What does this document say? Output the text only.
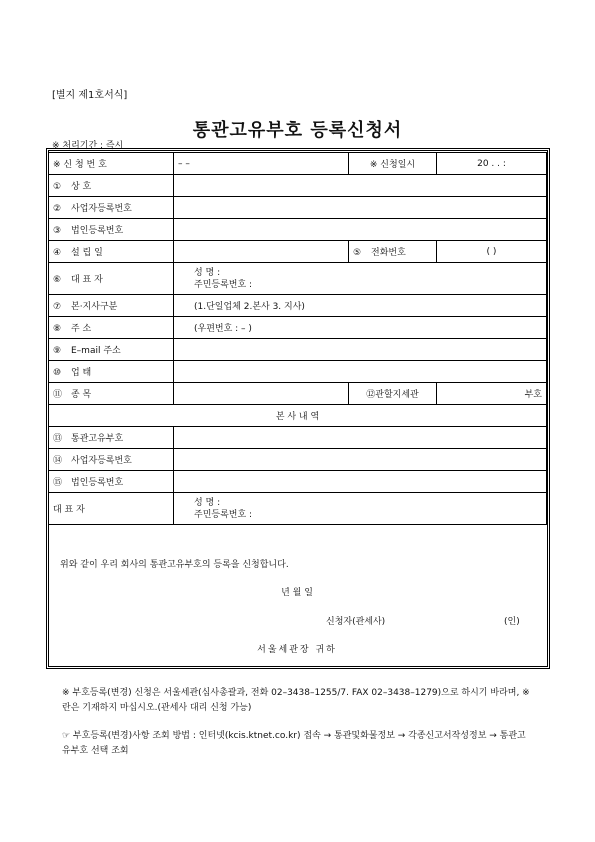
[별지 제1호서식]
통관고유부호 등록신청서
※ 처리기간 : 즉시
※ 신 청 번 호	– –	※ 신청일시	20 . . :
① 상 호			
② 사업자등록번호			
③ 법인등록번호			
④ 설 립 일		⑤ 전화번호	( )
⑥ 대 표 자	성 명 :
주민등록번호 :		

⑦ 본·지사구분	(1.단일업체 2.본사 3. 지사)		
⑧ 주 소	(우편번호 : – )		
⑨ E–mail 주소			
⑩ 업 태			
⑪ 종 목		⑫관할지세관	부호
본 사 내 역			
⑬ 통관고유부호			
⑭ 사업자등록번호			
⑮ 법인등록번호			
대 표 자	성 명 :
주민등록번호 :		
위와 같이 우리 회사의 통관고유부호의 등록을 신청합니다.
년 월 일
신청자(관세사)	(인)
서울세관장 귀하
※ 부호등록(변경) 신청은 서울세관(심사총괄과, 전화 02–3438–1255/7. FAX 02–3438–1279)으로 하시기 바라며, ※란은 기재하지 마십시오.(관세사 대리 신청 가능)
☞ 부호등록(변경)사항 조회 방법 : 인터넷(kcis.ktnet.co.kr) 접속 → 통관및화물정보 → 각종신고서작성정보 → 통관고유부호 선택 조회
